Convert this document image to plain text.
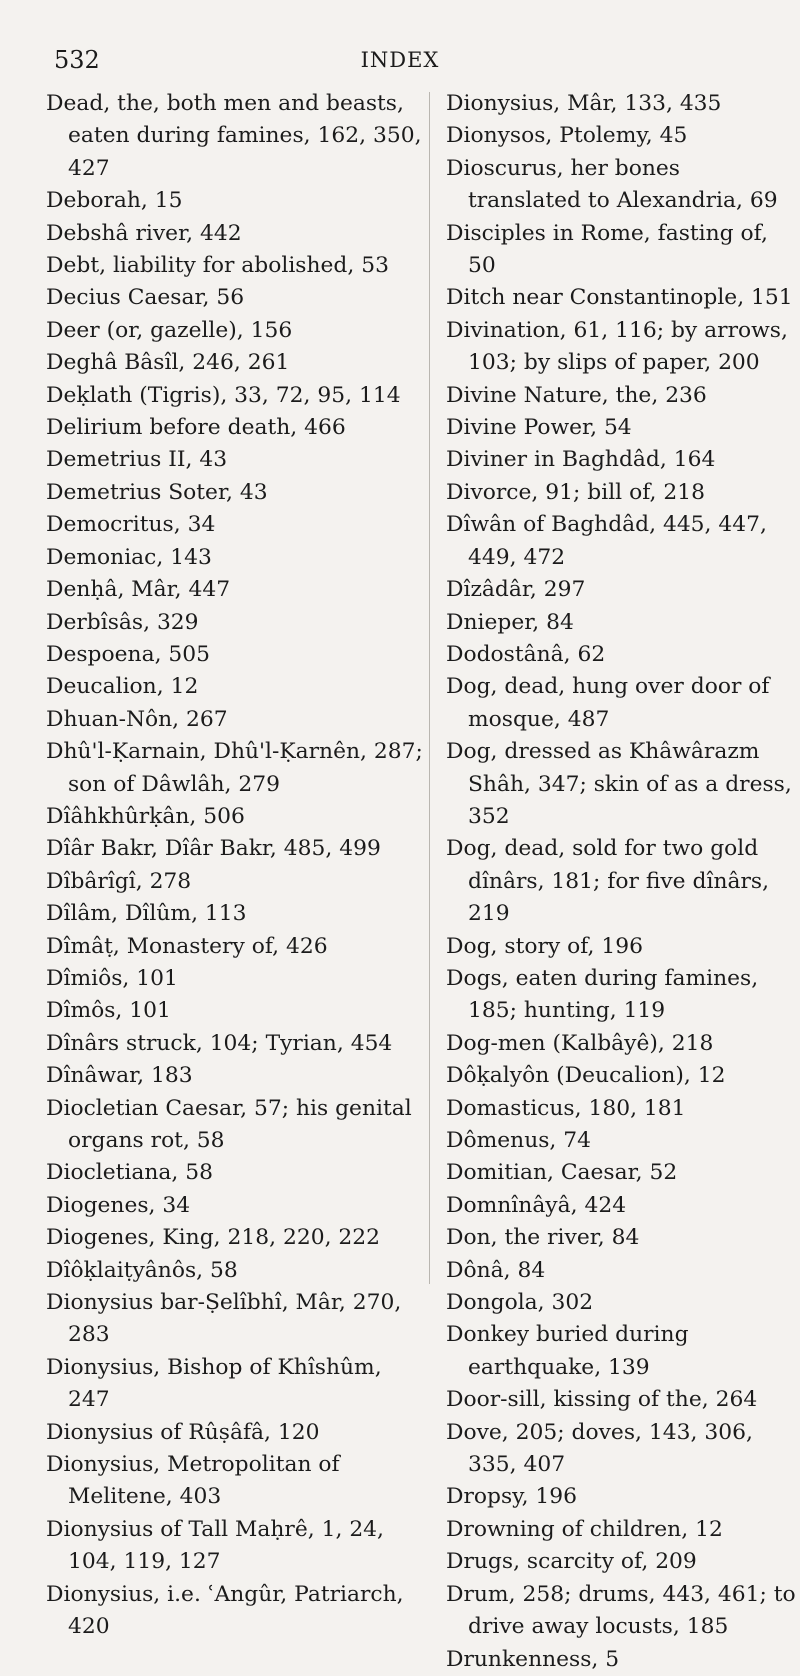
532	INDEX
Dead, the, both men and beasts, eaten during famines, 162, 350, 427
Deborah, 15
Debshâ river, 442
Debt, liability for abolished, 53
Decius Caesar, 56
Deer (or, gazelle), 156
Deghâ Bâsîl, 246, 261
Deḳlath (Tigris), 33, 72, 95, 114
Delirium before death, 466
Demetrius II, 43
Demetrius Soter, 43
Democritus, 34
Demoniac, 143
Denḥâ, Mâr, 447
Derbîsâs, 329
Despoena, 505
Deucalion, 12
Dhuan-Nôn, 267
Dhû'l-Ḳarnain, Dhû'l-Ḳarnên, 287; son of Dâwlâh, 279
Dîâhkhûrḳân, 506
Dîâr Bakr, Dîâr Bakr, 485, 499
Dîbârîgî, 278
Dîlâm, Dîlûm, 113
Dîmâṭ, Monastery of, 426
Dîmiôs, 101
Dîmôs, 101
Dînârs struck, 104; Tyrian, 454
Dînâwar, 183
Diocletian Caesar, 57; his genital organs rot, 58
Diocletiana, 58
Diogenes, 34
Diogenes, King, 218, 220, 222
Dîôḳlaiṭyânôs, 58
Dionysius bar-Ṣelîbhî, Mâr, 270, 283
Dionysius, Bishop of Khîshûm, 247
Dionysius of Rûṣâfâ, 120
Dionysius, Metropolitan of Melitene, 403
Dionysius of Tall Maḥrê, 1, 24, 104, 119, 127
Dionysius, i.e. ʿAngûr, Patriarch, 420
Dionysius, Mâr, 133, 435
Dionysos, Ptolemy, 45
Dioscurus, her bones translated to Alexandria, 69
Disciples in Rome, fasting of, 50
Ditch near Constantinople, 151
Divination, 61, 116; by arrows, 103; by slips of paper, 200
Divine Nature, the, 236
Divine Power, 54
Diviner in Baghdâd, 164
Divorce, 91; bill of, 218
Dîwân of Baghdâd, 445, 447, 449, 472
Dîzâdâr, 297
Dnieper, 84
Dodostânâ, 62
Dog, dead, hung over door of mosque, 487
Dog, dressed as Khâwârazm Shâh, 347; skin of as a dress, 352
Dog, dead, sold for two gold dînârs, 181; for five dînârs, 219
Dog, story of, 196
Dogs, eaten during famines, 185; hunting, 119
Dog-men (Kalbâyê), 218
Dôḳalyôn (Deucalion), 12
Domasticus, 180, 181
Dômenus, 74
Domitian, Caesar, 52
Domnînâyâ, 424
Don, the river, 84
Dônâ, 84
Dongola, 302
Donkey buried during earthquake, 139
Door-sill, kissing of the, 264
Dove, 205; doves, 143, 306, 335, 407
Dropsy, 196
Drowning of children, 12
Drugs, scarcity of, 209
Drum, 258; drums, 443, 461; to drive away locusts, 185
Drunkenness, 5
